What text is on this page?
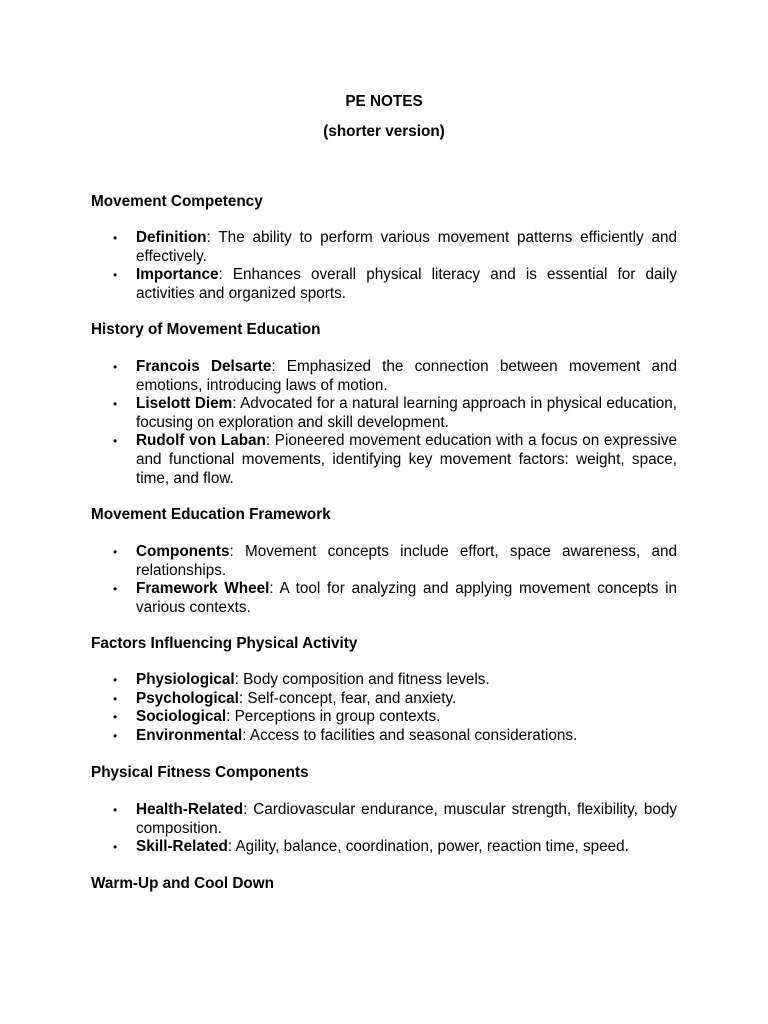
PE NOTES
(shorter version)
Movement Competency
• Definition: The ability to perform various movement patterns efficiently and effectively.
• Importance: Enhances overall physical literacy and is essential for daily activities and organized sports.
History of Movement Education
• Francois Delsarte: Emphasized the connection between movement and emotions, introducing laws of motion.
• Liselott Diem: Advocated for a natural learning approach in physical education, focusing on exploration and skill development.
• Rudolf von Laban: Pioneered movement education with a focus on expressive and functional movements, identifying key movement factors: weight, space, time, and flow.
Movement Education Framework
• Components: Movement concepts include effort, space awareness, and relationships.
• Framework Wheel: A tool for analyzing and applying movement concepts in various contexts.
Factors Influencing Physical Activity
• Physiological: Body composition and fitness levels.
• Psychological: Self-concept, fear, and anxiety.
• Sociological: Perceptions in group contexts.
• Environmental: Access to facilities and seasonal considerations.
Physical Fitness Components
• Health-Related: Cardiovascular endurance, muscular strength, flexibility, body composition.
• Skill-Related: Agility, balance, coordination, power, reaction time, speed.
Warm-Up and Cool Down
